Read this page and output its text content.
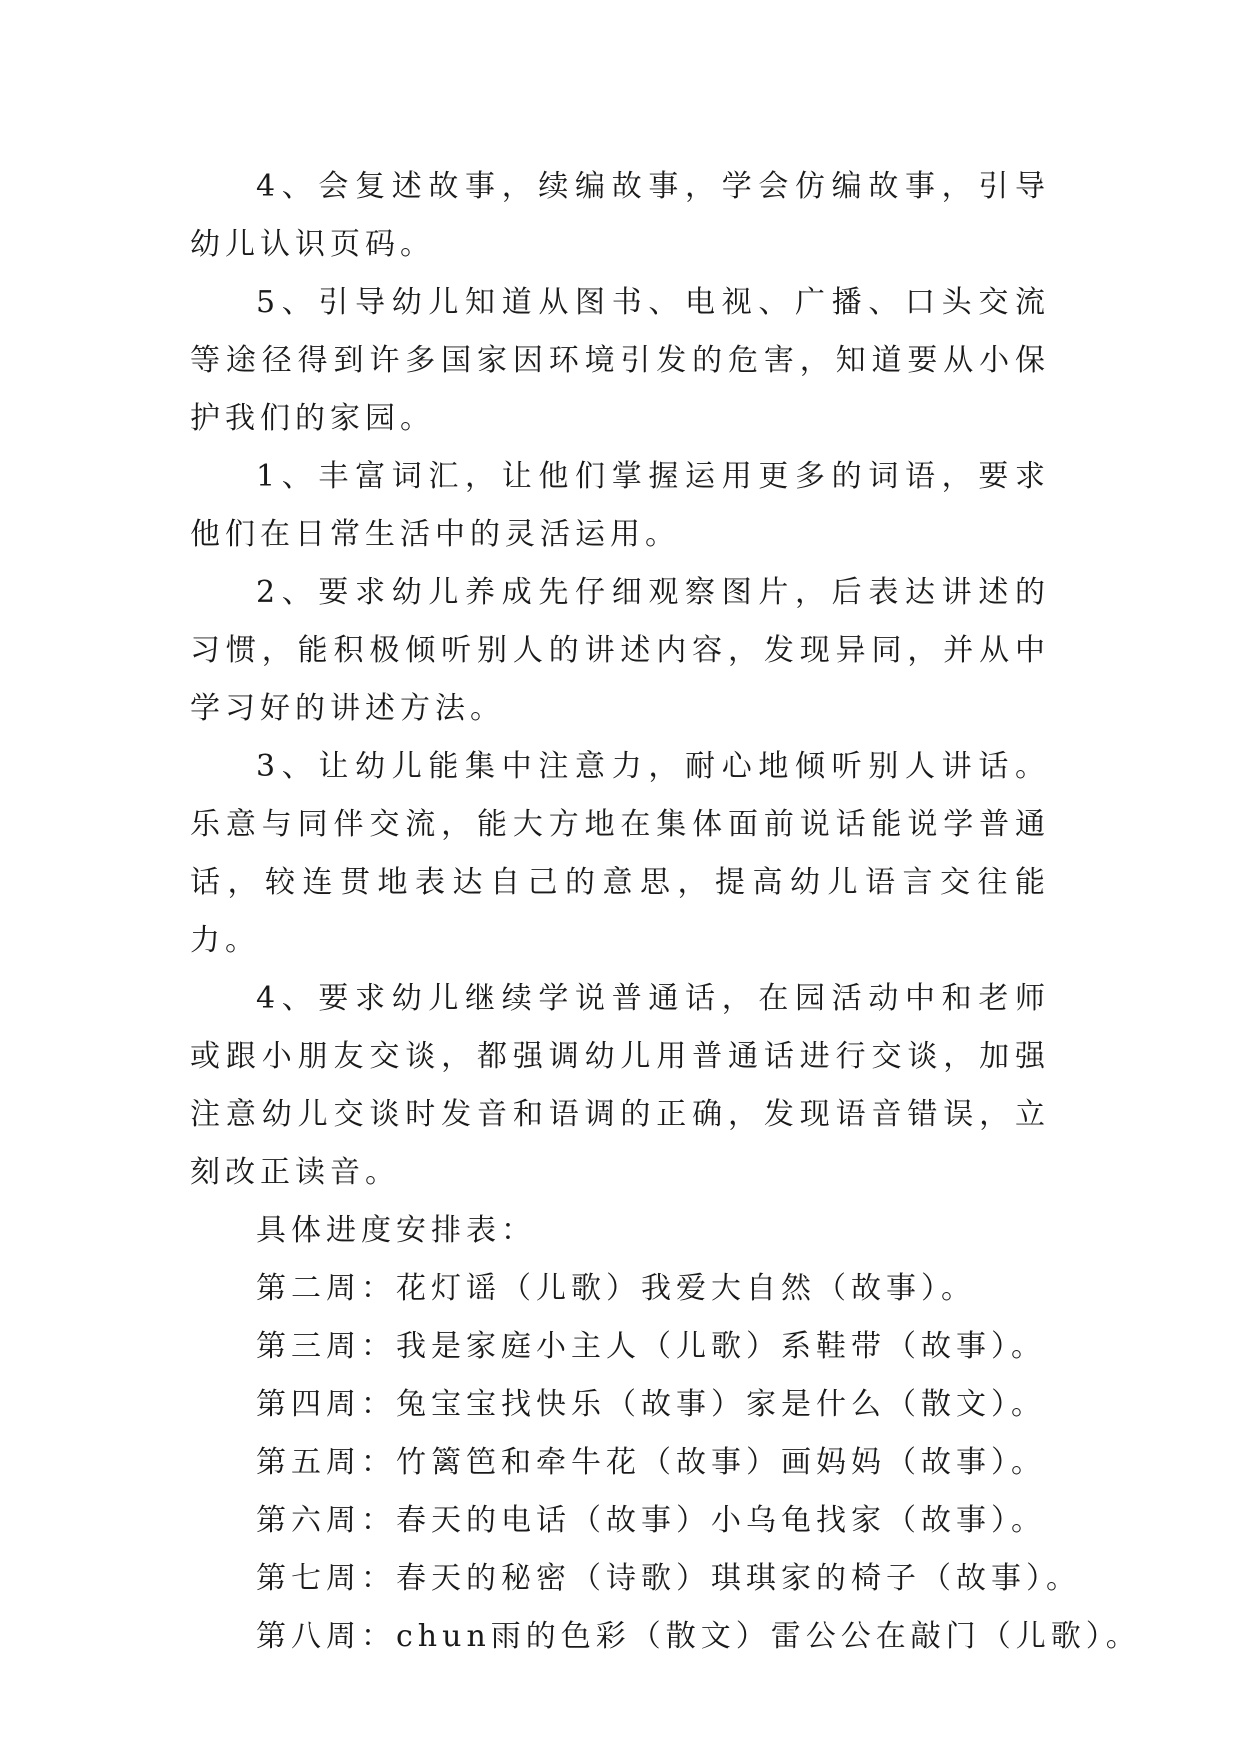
4、会复述故事，续编故事，学会仿编故事，引导幼儿认识页码。

5、引导幼儿知道从图书、电视、广播、口头交流等途径得到许多国家因环境引发的危害，知道要从小保护我们的家园。

1、丰富词汇，让他们掌握运用更多的词语，要求他们在日常生活中的灵活运用。

2、要求幼儿养成先仔细观察图片，后表达讲述的习惯，能积极倾听别人的讲述内容，发现异同，并从中学习好的讲述方法。

3、让幼儿能集中注意力，耐心地倾听别人讲话。乐意与同伴交流，能大方地在集体面前说话能说学普通话，较连贯地表达自己的意思，提高幼儿语言交往能力。

4、要求幼儿继续学说普通话，在园活动中和老师或跟小朋友交谈，都强调幼儿用普通话进行交谈，加强注意幼儿交谈时发音和语调的正确，发现语音错误，立刻改正读音。

具体进度安排表：

第二周：花灯谣（儿歌）我爱大自然（故事）。

第三周：我是家庭小主人（儿歌）系鞋带（故事）。

第四周：兔宝宝找快乐（故事）家是什么（散文）。

第五周：竹篱笆和牵牛花（故事）画妈妈（故事）。

第六周：春天的电话（故事）小乌龟找家（故事）。

第七周：春天的秘密（诗歌）琪琪家的椅子（故事）。

第八周：chun雨的色彩（散文）雷公公在敲门（儿歌）。
